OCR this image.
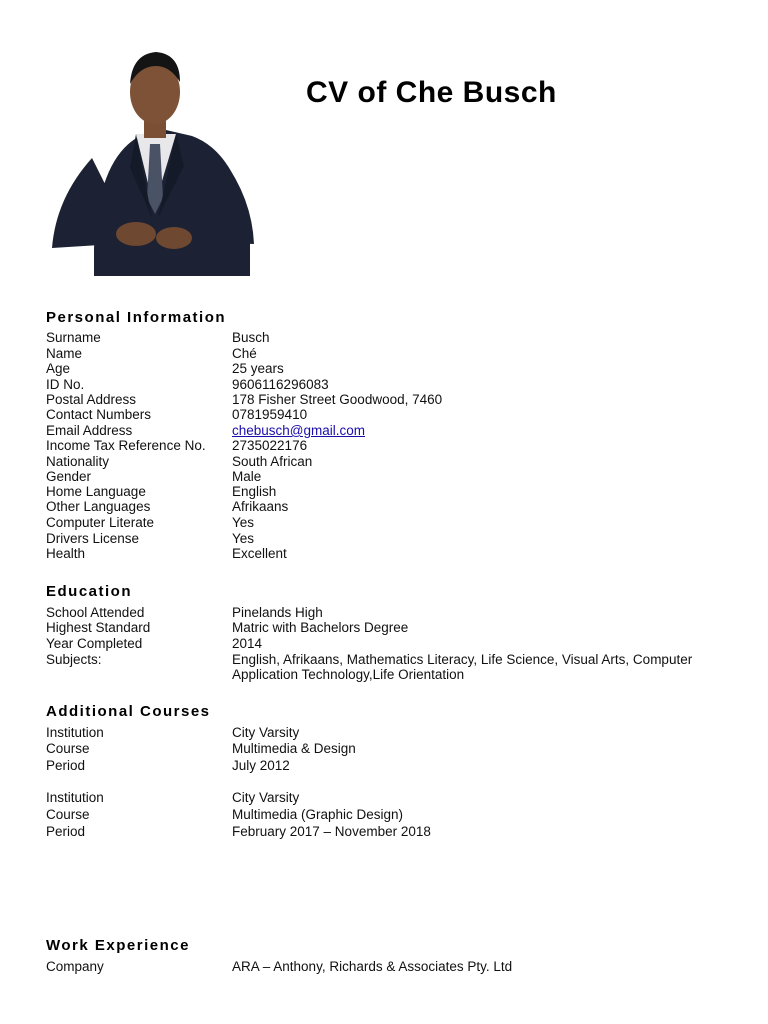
CV of Che Busch
Personal Information
Surname	Busch
Name	Ché
Age	25 years
ID No.	9606116296083
Postal Address	178 Fisher Street Goodwood, 7460
Contact Numbers	0781959410
Email Address	chebusch@gmail.com
Income Tax Reference No. 2735022176
Nationality	South African
Gender	Male
Home Language	English
Other Languages	Afrikaans
Computer Literate	Yes
Drivers License	Yes
Health	Excellent
Education
School Attended	Pinelands High
Highest Standard	Matric with Bachelors Degree
Year Completed	2014
Subjects:	English, Afrikaans, Mathematics Literacy, Life Science, Visual Arts, Computer Application Technology,Life Orientation
Additional Courses
Institution	City Varsity
Course	Multimedia & Design
Period	July 2012
Institution	City Varsity
Course	Multimedia (Graphic Design)
Period	February 2017 – November 2018
Work Experience
Company	ARA – Anthony, Richards & Associates Pty. Ltd
